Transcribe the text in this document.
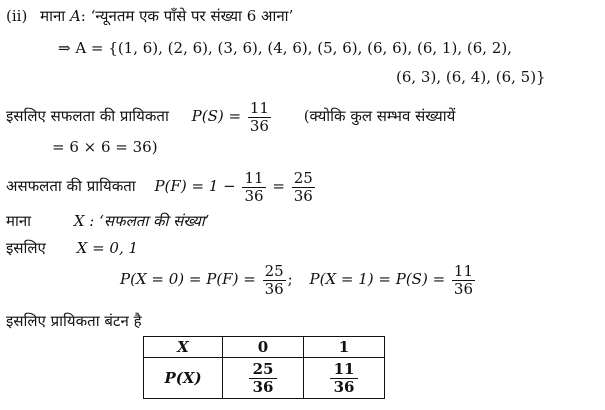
(ii) माना A: ‘न्यूनतम एक पाँसे पर संख्या 6 आना’
⇒ A = {(1, 6), (2, 6), (3, 6), (4, 6), (5, 6), (6, 6), (6, 1), (6, 2),
(6, 3), (6, 4), (6, 5)}
इसलिए सफलता की प्रायिकता $P(S) = \frac{11}{36}$ (क्योकि कुल सम्भव संख्यायें
= 6 × 6 = 36)
असफलता की प्रायिकता $P(F) = 1 - \frac{11}{36} = \frac{25}{36}$
माना	X : ‘सफलता की संख्या’
इसलिए X = 0, 1
$P(X = 0) = P(F) = \frac{25}{36}$ ; $P(X = 1) = P(S) = \frac{11}{36}$
इसलिए प्रायिकता बंटन है
X	0	1
P(X)	$\frac{25}{36}$	$\frac{11}{36}$
